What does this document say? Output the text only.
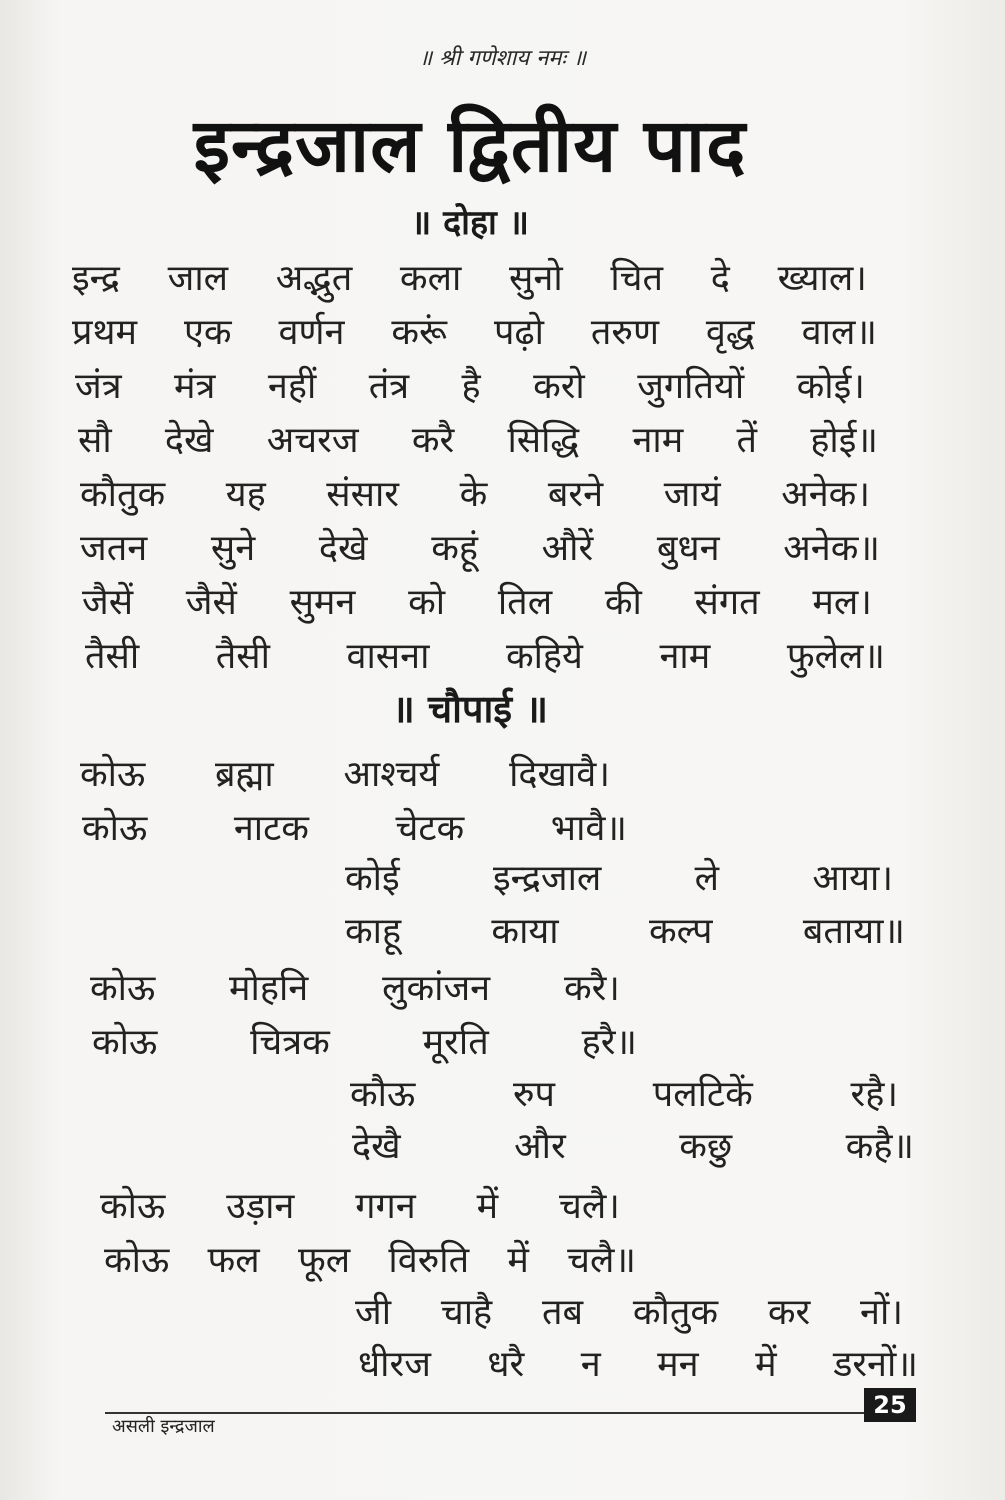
॥ श्री गणेशाय नमः ॥
इन्द्रजाल द्वितीय पाद
॥ दोहा ॥
इन्द्र जाल अद्भुत कला सुनो चित दे ख्याल।
प्रथम एक वर्णन करूं पढ़ो तरुण वृद्ध वाल॥
जंत्र मंत्र नहीं तंत्र है करो जुगतियों कोई।
सौ देखे अचरज करै सिद्धि नाम तें होई॥
कौतुक यह संसार के बरने जायं अनेक।
जतन सुने देखे कहूं औरें बुधन अनेक॥
जैसें जैसें सुमन को तिल की संगत मल।
तैसी तैसी वासना कहिये नाम फुलेल॥
॥ चौपाई ॥
कोऊ ब्रह्मा आश्चर्य दिखावै।
कोऊ नाटक चेटक भावै॥
कोई	इन्द्रजाल	ले	आया।
काहू	काया	कल्प	बताया॥
कोऊ मोहनि लुकांजन करै।
कोऊ	चित्रक	मूरति	हरै॥
कौऊ	रुप	पलटिकें	रहै।
देखै	और	कछु	कहै॥
कोऊ उड़ान गगन में चलै।
कोऊ फल फूल विरुति में चलै॥
जी चाहै तब कौतुक कर नों।
धीरज धरै न मन में डरनों॥
असली इन्द्रजाल
25
